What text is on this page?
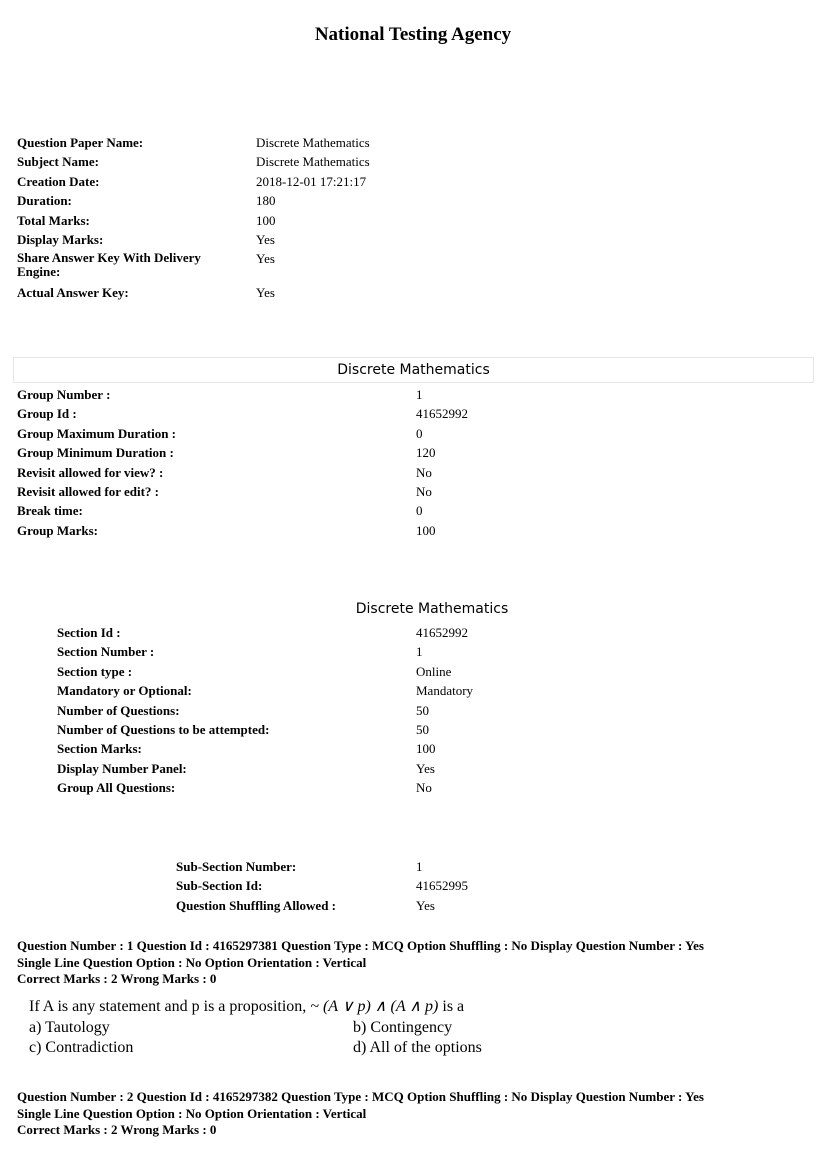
National Testing Agency
Question Paper Name:	Discrete Mathematics
Subject Name:	Discrete Mathematics
Creation Date:	2018-12-01 17:21:17
Duration:	180
Total Marks:	100
Display Marks:	Yes
Share Answer Key With Delivery Engine:
Yes
Actual Answer Key:	Yes
Discrete Mathematics
Group Number :	1
Group Id :	41652992
Group Maximum Duration :	0
Group Minimum Duration :	120
Revisit allowed for view? :	No
Revisit allowed for edit? :	No
Break time:	0
Group Marks:	100
Discrete Mathematics
Section Id :	41652992
Section Number :	1
Section type :	Online
Mandatory or Optional:	Mandatory
Number of Questions:	50
Number of Questions to be attempted:	50
Section Marks:	100
Display Number Panel:	Yes
Group All Questions:	No
Sub-Section Number:	1
Sub-Section Id:	41652995
Question Shuffling Allowed :	Yes
Question Number : 1 Question Id : 4165297381 Question Type : MCQ Option Shuffling : No Display Question Number : Yes
Single Line Question Option : No Option Orientation : Vertical
Correct Marks : 2 Wrong Marks : 0
If A is any statement and p is a proposition, ~ (A ∨ p) ∧ (A ∧ p) is a
a) Tautology	b) Contingency
c) Contradiction	d) All of the options
Question Number : 2 Question Id : 4165297382 Question Type : MCQ Option Shuffling : No Display Question Number : Yes
Single Line Question Option : No Option Orientation : Vertical
Correct Marks : 2 Wrong Marks : 0
